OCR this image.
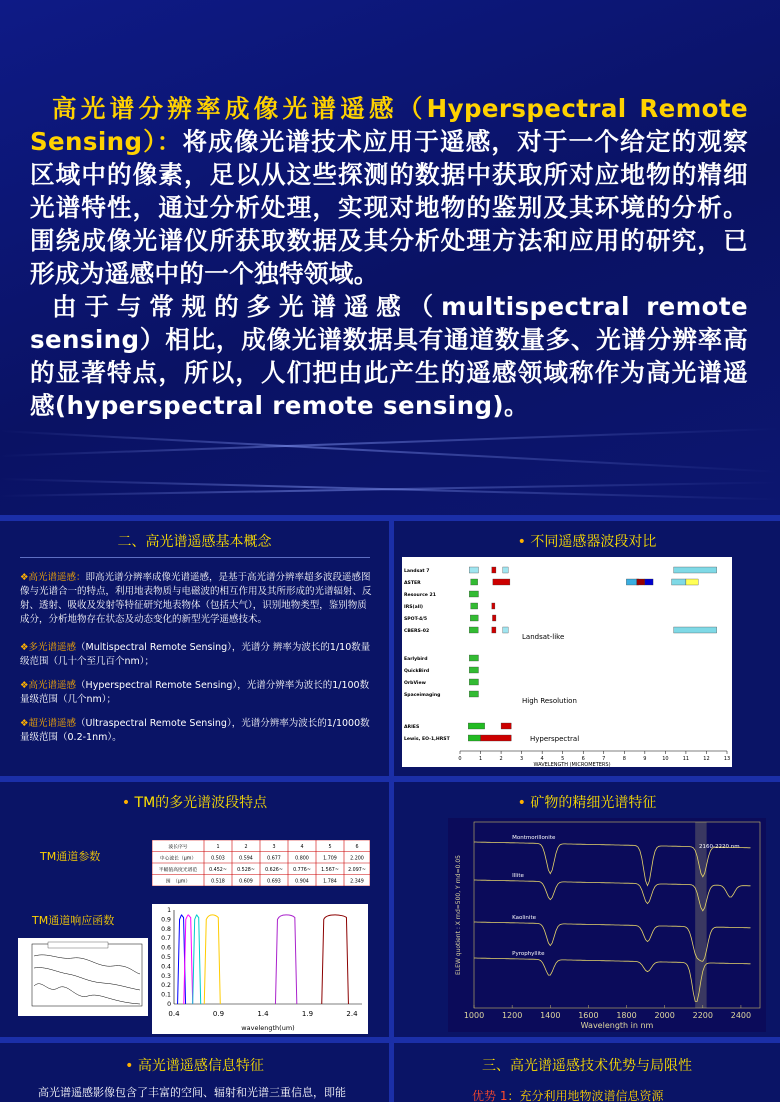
高光谱分辨率成像光谱遥感（Hyperspectral Remote Sensing）：将成像光谱技术应用于遥感，对于一个给定的观察区域中的像素，足以从这些探测的数据中获取所对应地物的精细光谱特性，通过分析处理，实现对地物的鉴别及其环境的分析。围绕成像光谱仪所获取数据及其分析处理方法和应用的研究，已形成为遥感中的一个独特领域。

由于与常规的多光谱遥感（multispectral remote sensing）相比，成像光谱数据具有通道数量多、光谱分辨率高的显著特点，所以，人们把由此产生的遥感领域称作为高光谱遥感(hyperspectral remote sensing)。

二、高光谱遥感基本概念
❖高光谱遥感：即高光谱分辨率成像光谱遥感，是基于高光谱分辨率超多波段遥感图像与光谱合一的特点，利用地表物质与电磁波的相互作用及其所形成的光谱辐射、反射、透射、吸收及发射等特征研究地表物体（包括大气），识别地物类型，鉴别物质成分，分析地物存在状态及动态变化的新型光学遥感技术。
❖多光谱遥感（Multispectral Remote Sensing），光谱分 辨率为波长的1/10数量级范围（几十个至几百个nm）；
❖高光谱遥感（Hyperspectral Remote Sensing），光谱分辨率为波长的1/100数量级范围（几个nm）；
❖超光谱遥感（Ultraspectral Remote Sensing），光谱分辨率为波长的1/1000数量级范围（0.2-1nm）。
• 不同遥感器波段对比
Landsat 7
ASTER
Resource 21
IRS(all)
SPOT-4/5
CBERS-02
Earlybird
QuickBird
OrbView
Spaceimaging
ARIES
Lewis, EO-1,HRST
0	1	2	3	4	5	6	7	8	9	10	11	12	13
WAVELENGTH (MICROMETERS)
Landsat-like
High Resolution
Hyperspectral
• TM的多光谱波段特点
TM通道参数
TM通道响应函数
波长序号	1	2	3	4	5	6
中心波长（μm）	0.503	0.594	0.677	0.800	1.709	2.200
半幅值高度光谱范 0.452~ 0.528~ 0.626~ 0.776~ 1.567~ 2.097~
围　（μm）	0.518	0.609	0.693	0.904	1.784	2.349
0
0.1
0.2
0.3
0.4
0.5
0.6
0.7
0.8
0.9
1
0.4	0.9	1.4	1.9	2.4
wavelength(um)
• 矿物的精细光谱特征
1000 1200 1400 1600 1800 2000 2200 2400
Wavelength in nm
ELEW quotient : X rnd=500, Y rnd=0.05
2160-2220 nm
Montmorillonite
Illite
Kaolinite
Pyrophyllite
• 高光谱遥感信息特征
高光谱遥感影像包含了丰富的空间、辐射和光谱三重信息，即能
三、高光谱遥感技术优势与局限性
优势 1：充分利用地物波谱信息资源
